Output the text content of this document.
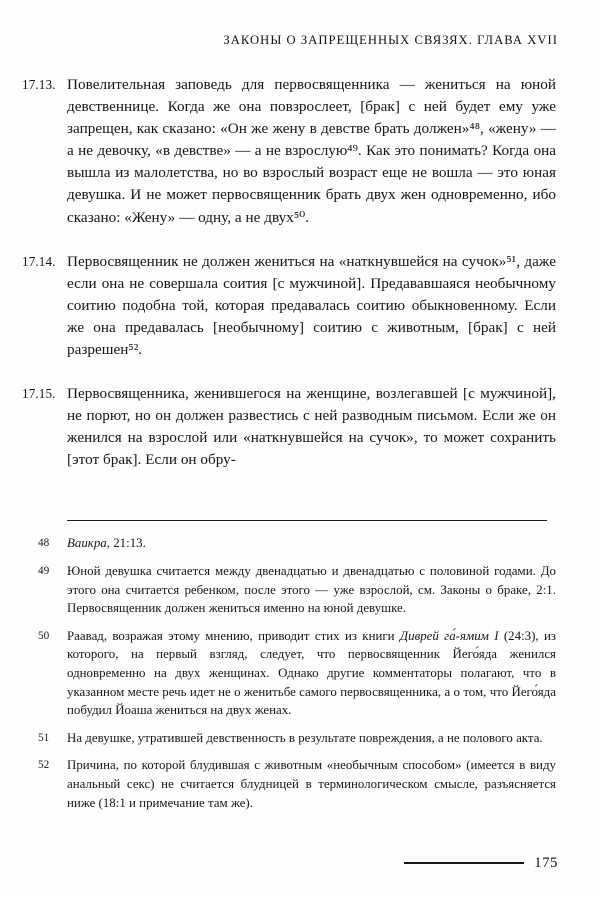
ЗАКОНЫ О ЗАПРЕЩЕННЫХ СВЯЗЯХ. ГЛАВА XVII
17.13. Повелительная заповедь для первосвященника — жениться на юной девственнице. Когда же она повзрослеет, [брак] с ней будет ему уже запрещен, как сказано: «Он же жену в девстве брать должен»⁴⁸, «жену» — а не девочку, «в девстве» — а не взрослую⁴⁹. Как это понимать? Когда она вышла из малолетства, но во взрослый возраст еще не вошла — это юная девушка. И не может первосвященник брать двух жен одновременно, ибо сказано: «Жену» — одну, а не двух⁵⁰.
17.14. Первосвященник не должен жениться на «наткнувшейся на сучок»⁵¹, даже если она не совершала соития [с мужчиной]. Предававшаяся необычному соитию подобна той, которая предавалась соитию обыкновенному. Если же она предавалась [необычному] соитию с животным, [брак] с ней разрешен⁵².
17.15. Первосвященника, женившегося на женщине, возлегавшей [с мужчиной], не порют, но он должен развестись с ней разводным письмом. Если же он женился на взрослой или «наткнувшейся на сучок», то может сохранить [этот брак]. Если он обру-
48	Ваикра, 21:13.
49	Юной девушка считается между двенадцатью и двенадцатью с половиной годами. До этого она считается ребенком, после этого — уже взрослой, см. Законы о браке, 2:1. Первосвященник должен жениться именно на юной девушке.
50	Раавад, возражая этому мнению, приводит стих из книги Диврей га́-ямим I (24:3), из которого, на первый взгляд, следует, что первосвященник Йего́яда женился одновременно на двух женщинах. Однако другие комментаторы полагают, что в указанном месте речь идет не о женитьбе самого первосвященника, а о том, что Йего́яда побудил Йоаша жениться на двух женах.
51	На девушке, утратившей девственность в результате повреждения, а не полового акта.
52	Причина, по которой блудившая с животным «необычным способом» (имеется в виду анальный секс) не считается блудницей в терминологическом смысле, разъясняется ниже (18:1 и примечание там же).
175
